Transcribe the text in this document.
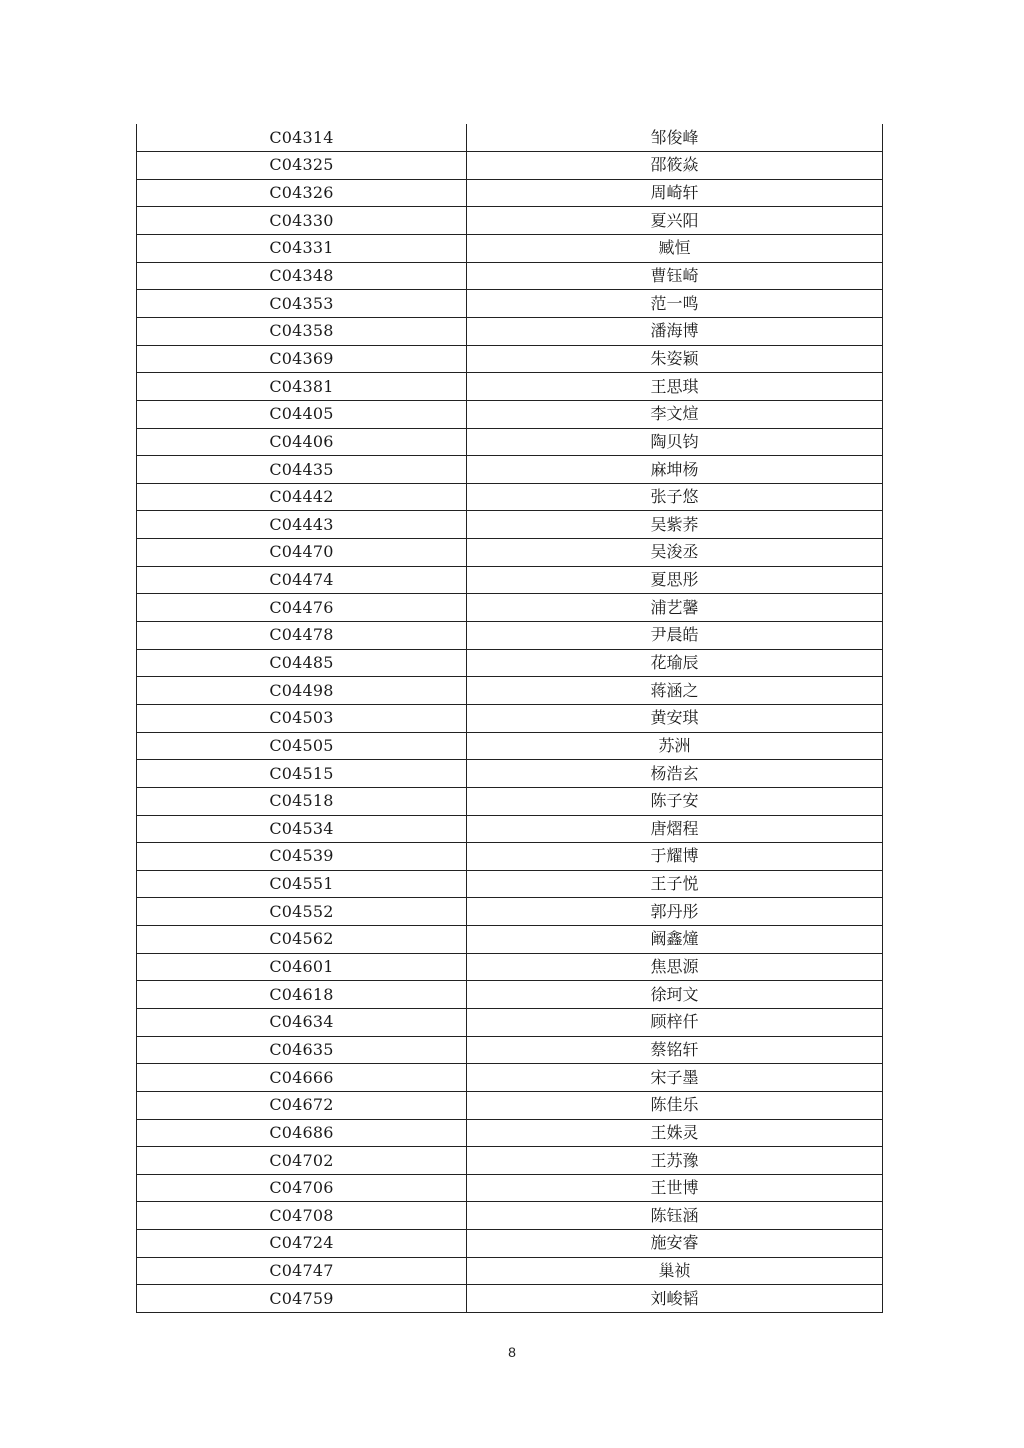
C04314	邹俊峰
C04325	邵筱焱
C04326	周崎轩
C04330	夏兴阳
C04331	臧恒
C04348	曹钰崎
C04353	范一鸣
C04358	潘海博
C04369	朱姿颖
C04381	王思琪
C04405	李文煊
C04406	陶贝钧
C04435	麻坤杨
C04442	张子悠
C04443	吴紫荞
C04470	吴浚丞
C04474	夏思彤
C04476	浦艺馨
C04478	尹晨皓
C04485	花瑜辰
C04498	蒋涵之
C04503	黄安琪
C04505	苏洲
C04515	杨浩玄
C04518	陈子安
C04534	唐熠程
C04539	于耀博
C04551	王子悦
C04552	郭丹彤
C04562	阚鑫燑
C04601	焦思源
C04618	徐珂文
C04634	顾梓仟
C04635	蔡铭轩
C04666	宋子墨
C04672	陈佳乐
C04686	王姝灵
C04702	王苏豫
C04706	王世博
C04708	陈钰涵
C04724	施安睿
C04747	巢祯
C04759	刘峻韬
8
